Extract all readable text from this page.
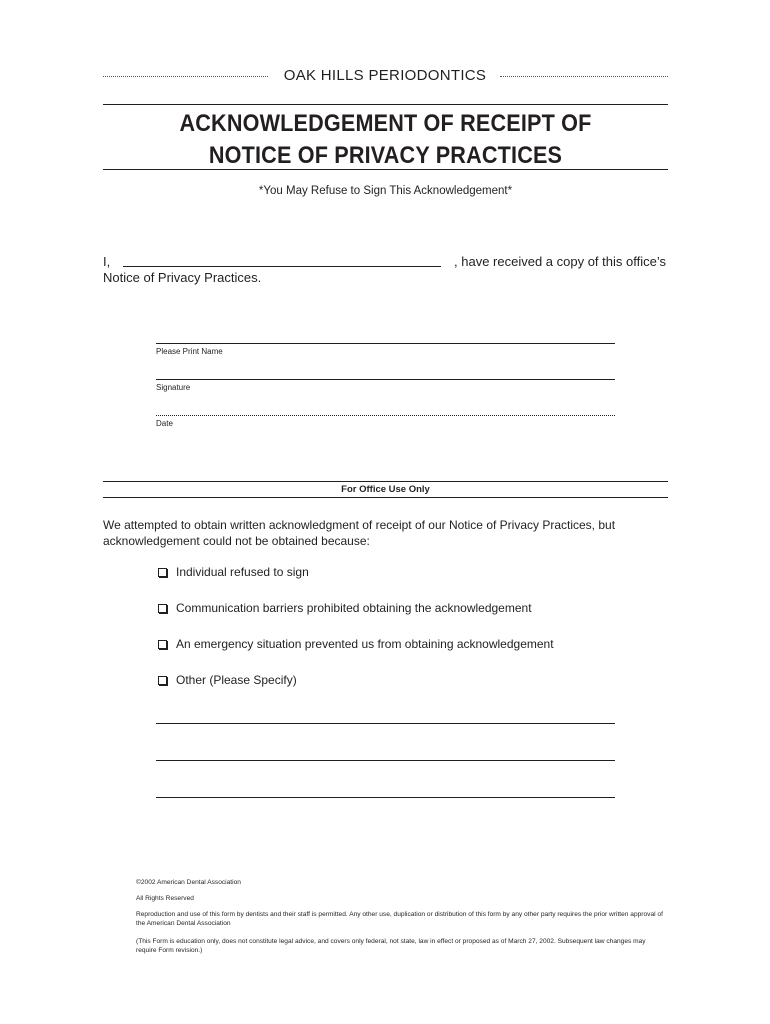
OAK HILLS PERIODONTICS
ACKNOWLEDGEMENT OF RECEIPT OF
NOTICE OF PRIVACY PRACTICES
*You May Refuse to Sign This Acknowledgement*
I,	, have received a copy of this office’s
Notice of Privacy Practices.
Please Print Name
Signature
Date
For Office Use Only
We attempted to obtain written acknowledgment of receipt of our Notice of Privacy Practices, but acknowledgement could not be obtained because:
Individual refused to sign
Communication barriers prohibited obtaining the acknowledgement
An emergency situation prevented us from obtaining acknowledgement
Other (Please Specify)
©2002 American Dental Association
All Rights Reserved
Reproduction and use of this form by dentists and their staff is permitted. Any other use, duplication or distribution of this form by any other party requires the prior written approval of the American Dental Association
(This Form is education only, does not constitute legal advice, and covers only federal, not state, law in effect or proposed as of March 27, 2002. Subsequent law changes may require Form revision.)
